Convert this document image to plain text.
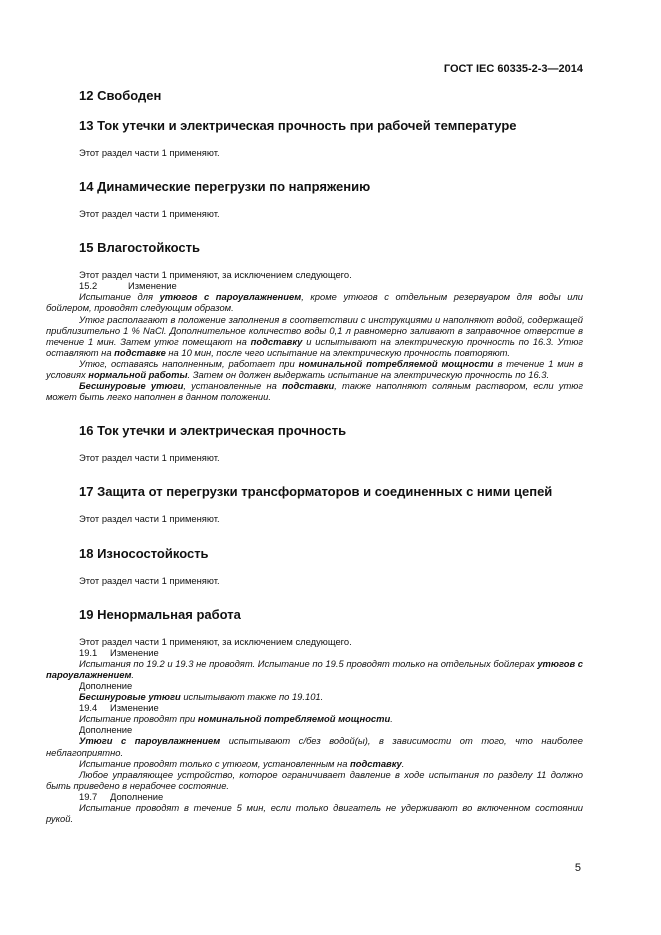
ГОСТ IEC 60335-2-3—2014

12 Свободен

13 Ток утечки и электрическая прочность при рабочей температуре

Этот раздел части 1 применяют.

14 Динамические перегрузки по напряжению

Этот раздел части 1 применяют.

15 Влагостойкость

Этот раздел части 1 применяют, за исключением следующего.

15.2	Изменение

Испытание для утюгов с пароувлажнением, кроме утюгов с отдельным резервуаром для воды или бойлером, проводят следующим образом.

Утюг располагают в положение заполнения в соответствии с инструкциями и наполняют водой, содержащей приблизительно 1 % NaCl. Дополнительное количество воды 0,1 л равномерно заливают в заправочное отверстие в течение 1 мин. Затем утюг помещают на подставку и испытывают на электрическую прочность по 16.3. Утюг оставляют на подставке на 10 мин, после чего испытание на электрическую прочность повторяют.

Утюг, оставаясь наполненным, работает при номинальной потребляемой мощности в течение 1 мин в условиях нормальной работы. Затем он должен выдержать испытание на электрическую прочность по 16.3.

Бесшнуровые утюги, установленные на подставки, также наполняют соляным раствором, если утюг может быть легко наполнен в данном положении.

16 Ток утечки и электрическая прочность

Этот раздел части 1 применяют.

17 Защита от перегрузки трансформаторов и соединенных с ними цепей

Этот раздел части 1 применяют.

18 Износостойкость

Этот раздел части 1 применяют.

19 Ненормальная работа

Этот раздел части 1 применяют, за исключением следующего.

19.1 Изменение

Испытания по 19.2 и 19.3 не проводят. Испытание по 19.5 проводят только на отдельных бойлерах утюгов с пароувлажнением.

Дополнение

Бесшнуровые утюги испытывают также по 19.101.

19.4 Изменение

Испытание проводят при номинальной потребляемой мощности.

Дополнение

Утюги с пароувлажнением испытывают с/без водой(ы), в зависимости от того, что наиболее неблагоприятно.

Испытание проводят только с утюгом, установленным на подставку.

Любое управляющее устройство, которое ограничивает давление в ходе испытания по разделу 11 должно быть приведено в нерабочее состояние.

19.7 Дополнение

Испытание проводят в течение 5 мин, если только двигатель не удерживают во включенном состоянии рукой.

5
